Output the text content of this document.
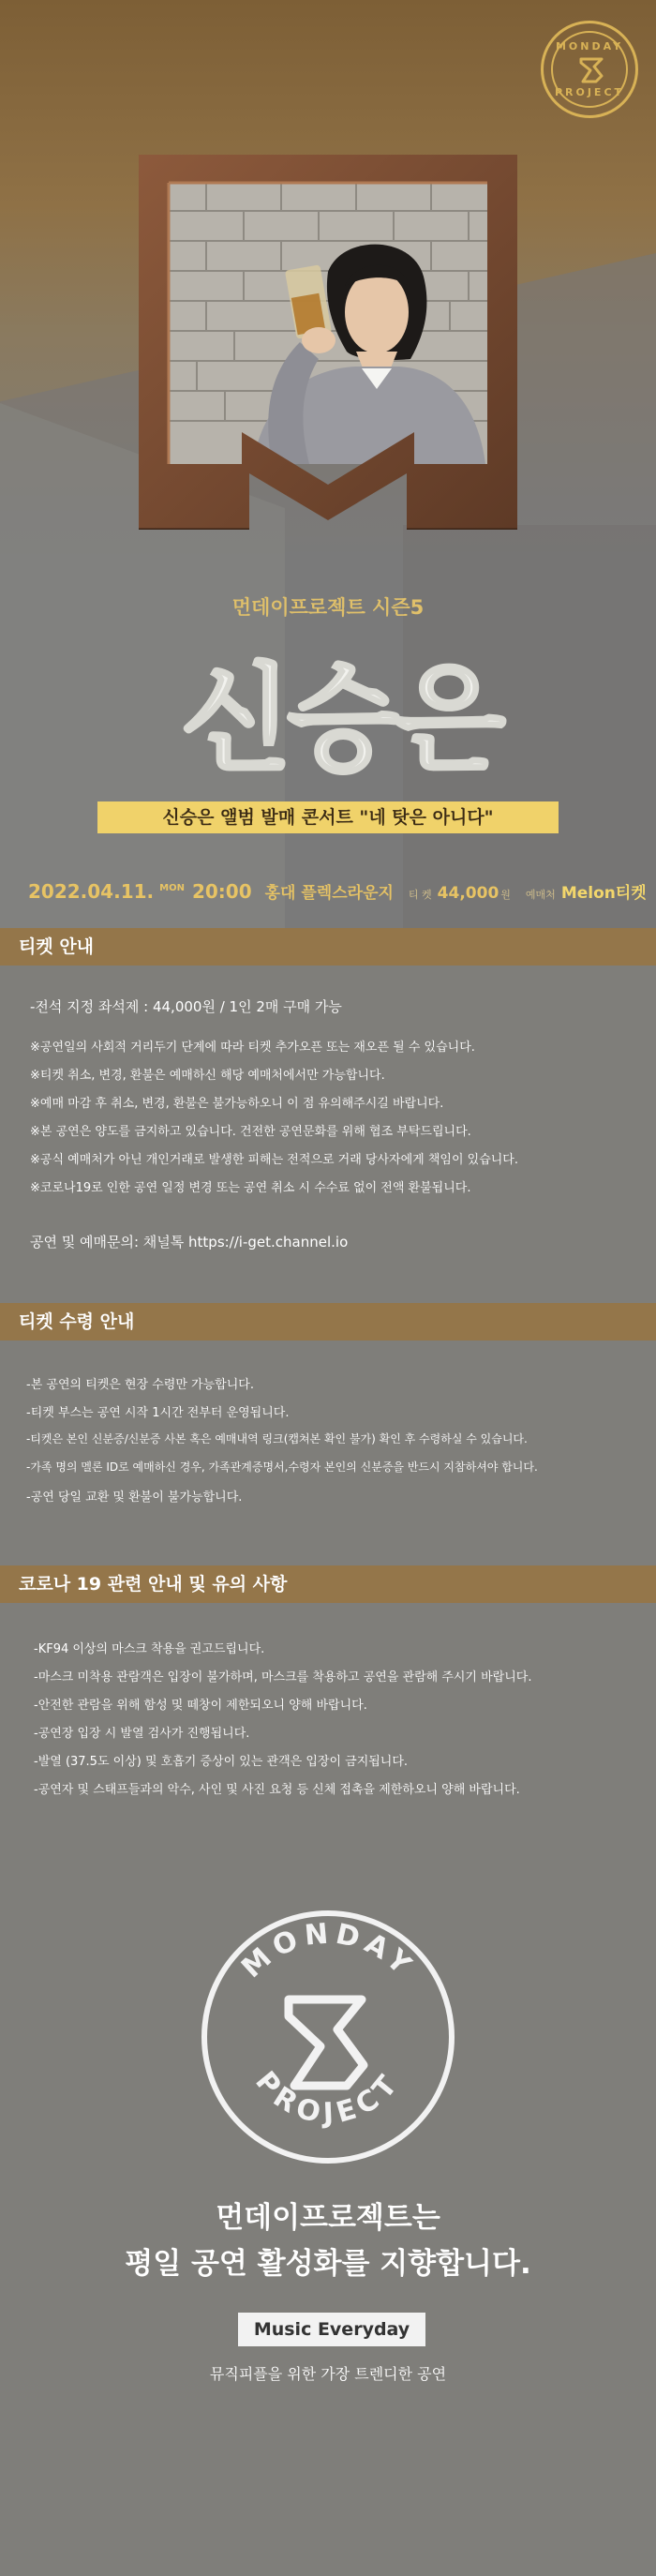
MONDAY
PROJECT
먼데이프로젝트 시즌5
신승은
신승은 앨범 발매 콘서트 "네 탓은 아니다"
2022.04.11. MON 20:00 홍대 플렉스라운지 티 켓 44,000 원 예매처 Melon티켓
티켓 안내
-전석 지정 좌석제 : 44,000원 / 1인 2매 구매 가능
※공연일의 사회적 거리두기 단계에 따라 티켓 추가오픈 또는 재오픈 될 수 있습니다.
※티켓 취소, 변경, 환불은 예매하신 해당 예매처에서만 가능합니다.
※예매 마감 후 취소, 변경, 환불은 불가능하오니 이 점 유의해주시길 바랍니다.
※본 공연은 양도를 금지하고 있습니다. 건전한 공연문화를 위해 협조 부탁드립니다.
※공식 예매처가 아닌 개인거래로 발생한 피해는 전적으로 거래 당사자에게 책임이 있습니다.
※코로나19로 인한 공연 일정 변경 또는 공연 취소 시 수수료 없이 전액 환불됩니다.
공연 및 예매문의: 채널톡 https://i-get.channel.io
티켓 수령 안내
-본 공연의 티켓은 현장 수령만 가능합니다.
-티켓 부스는 공연 시작 1시간 전부터 운영됩니다.
-티켓은 본인 신분증/신분증 사본 혹은 예매내역 링크(캡쳐본 확인 불가) 확인 후 수령하실 수 있습니다.
-가족 명의 멜론 ID로 예매하신 경우, 가족관계증명서,수령자 본인의 신분증을 반드시 지참하셔야 합니다.
-공연 당일 교환 및 환불이 불가능합니다.
코로나 19 관련 안내 및 유의 사항
-KF94 이상의 마스크 착용을 권고드립니다.
-마스크 미착용 관람객은 입장이 불가하며, 마스크를 착용하고 공연을 관람해 주시기 바랍니다.
-안전한 관람을 위해 함성 및 떼창이 제한되오니 양해 바랍니다.
-공연장 입장 시 발열 검사가 진행됩니다.
-발열 (37.5도 이상) 및 호흡기 증상이 있는 관객은 입장이 금지됩니다.
-공연자 및 스태프들과의 악수, 사인 및 사진 요청 등 신체 접촉을 제한하오니 양해 바랍니다.
MONDAY
PROJECT
먼데이프로젝트는
평일 공연 활성화를 지향합니다.
Music Everyday
뮤직피플을 위한 가장 트렌디한 공연
